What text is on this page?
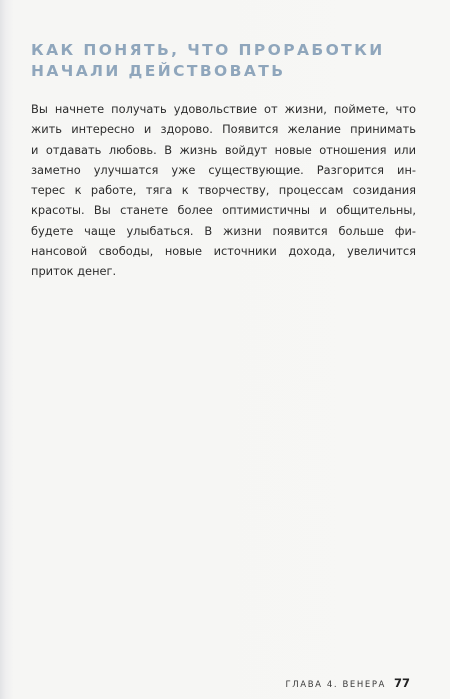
КАК ПОНЯТЬ, ЧТО ПРОРАБОТКИ
НАЧАЛИ ДЕЙСТВОВАТЬ

Вы начнете получать удовольствие от жизни, поймете, что
жить интересно и здорово. Появится желание принимать
и отдавать любовь. В жизнь войдут новые отношения или
заметно улучшатся уже существующие. Разгорится ин-
терес к работе, тяга к творчеству, процессам созидания
красоты. Вы станете более оптимистичны и общительны,
будете чаще улыбаться. В жизни появится больше фи-
нансовой свободы, новые источники дохода, увеличится
приток денег.

ГЛАВА 4. ВЕНЕРА 77
